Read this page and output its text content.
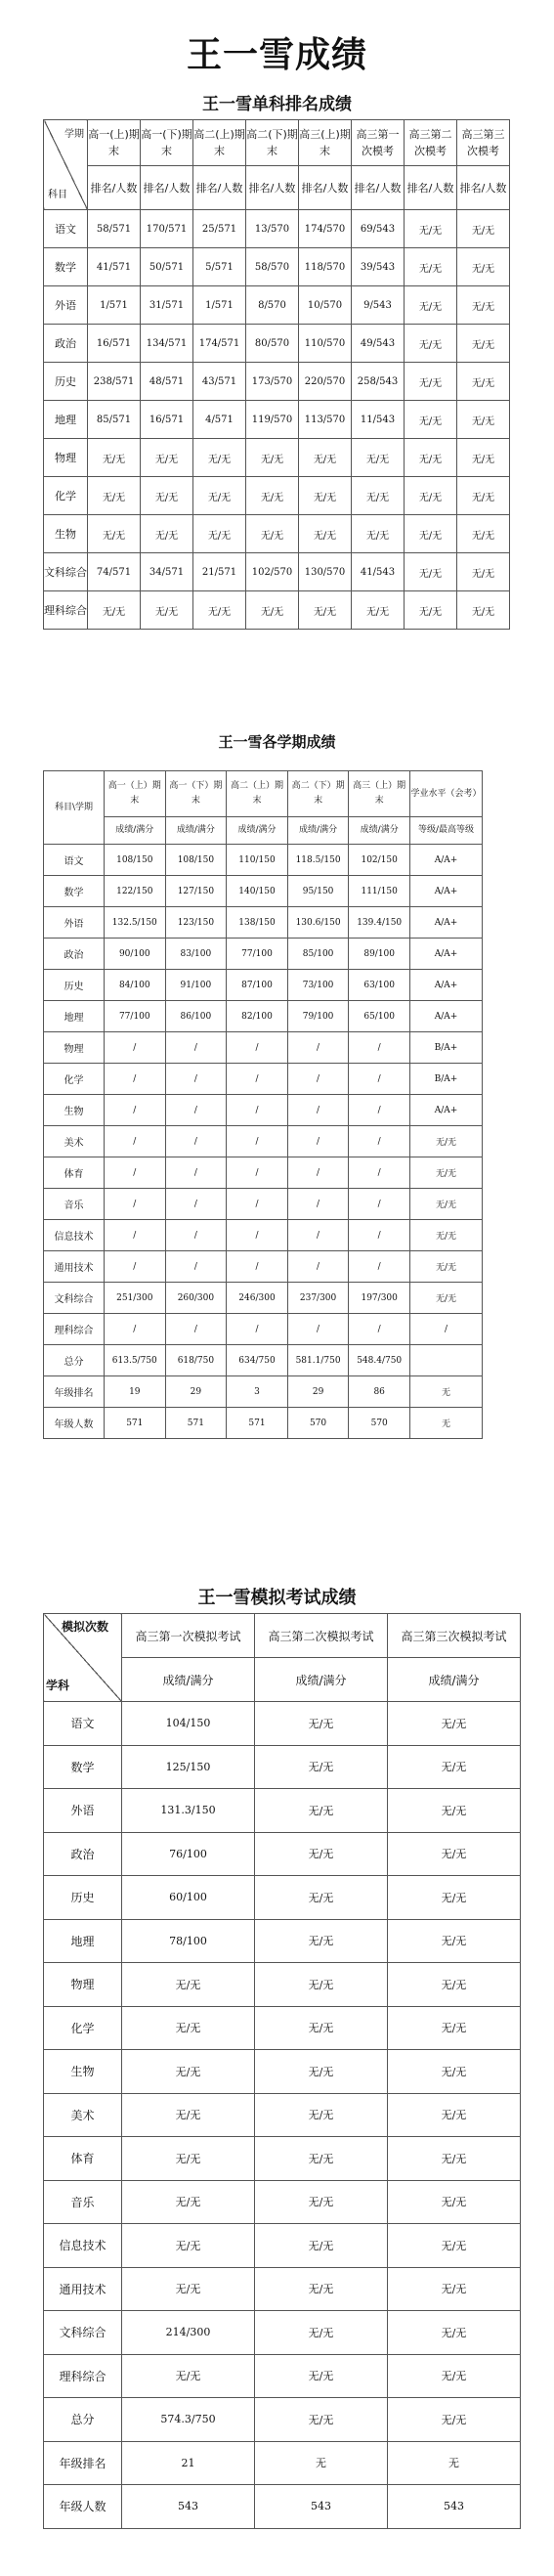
王一雪成绩
王一雪单科排名成绩
学期
科目	高一(上)期末	高一(下)期末	高二(上)期末	高二(下)期末	高三(上)期末	高三第一次模考	高三第二次模考	高三第三次模考
	排名/人数	排名/人数	排名/人数	排名/人数	排名/人数	排名/人数	排名/人数	排名/人数
语文	58/571	170/571	25/571	13/570	174/570	69/543	无/无	无/无
数学	41/571	50/571	5/571	58/570	118/570	39/543	无/无	无/无
外语	1/571	31/571	1/571	8/570	10/570	9/543	无/无	无/无
政治	16/571	134/571	174/571	80/570	110/570	49/543	无/无	无/无
历史	238/571	48/571	43/571	173/570	220/570	258/543	无/无	无/无
地理	85/571	16/571	4/571	119/570	113/570	11/543	无/无	无/无
物理	无/无	无/无	无/无	无/无	无/无	无/无	无/无	无/无
化学	无/无	无/无	无/无	无/无	无/无	无/无	无/无	无/无
生物	无/无	无/无	无/无	无/无	无/无	无/无	无/无	无/无
文科综合	74/571	34/571	21/571	102/570	130/570	41/543	无/无	无/无
理科综合	无/无	无/无	无/无	无/无	无/无	无/无	无/无	无/无
王一雪各学期成绩
科目\学期	高一（上）期末	高一（下）期末	高二（上）期末	高二（下）期末	高三（上）期末	学业水平（会考）
	成绩/满分	成绩/满分	成绩/满分	成绩/满分	成绩/满分	等级/最高等级
语文	108/150	108/150	110/150	118.5/150	102/150	A/A+
数学	122/150	127/150	140/150	95/150	111/150	A/A+
外语	132.5/150	123/150	138/150	130.6/150	139.4/150	A/A+
政治	90/100	83/100	77/100	85/100	89/100	A/A+
历史	84/100	91/100	87/100	73/100	63/100	A/A+
地理	77/100	86/100	82/100	79/100	65/100	A/A+
物理	/	/	/	/	/	B/A+
化学	/	/	/	/	/	B/A+
生物	/	/	/	/	/	A/A+
美术	/	/	/	/	/	无/无
体育	/	/	/	/	/	无/无
音乐	/	/	/	/	/	无/无
信息技术	/	/	/	/	/	无/无
通用技术	/	/	/	/	/	无/无
文科综合	251/300	260/300	246/300	237/300	197/300	无/无
理科综合	/	/	/	/	/	/
总分	613.5/750	618/750	634/750	581.1/750	548.4/750	
年级排名	19	29	3	29	86	无
年级人数	571	571	571	570	570	无
王一雪模拟考试成绩
模拟次数
学科	高三第一次模拟考试	高三第二次模拟考试	高三第三次模拟考试
	成绩/满分	成绩/满分	成绩/满分
语文	104/150	无/无	无/无
数学	125/150	无/无	无/无
外语	131.3/150	无/无	无/无
政治	76/100	无/无	无/无
历史	60/100	无/无	无/无
地理	78/100	无/无	无/无
物理	无/无	无/无	无/无
化学	无/无	无/无	无/无
生物	无/无	无/无	无/无
美术	无/无	无/无	无/无
体育	无/无	无/无	无/无
音乐	无/无	无/无	无/无
信息技术	无/无	无/无	无/无
通用技术	无/无	无/无	无/无
文科综合	214/300	无/无	无/无
理科综合	无/无	无/无	无/无
总分	574.3/750	无/无	无/无
年级排名	21	无	无
年级人数	543	543	543
